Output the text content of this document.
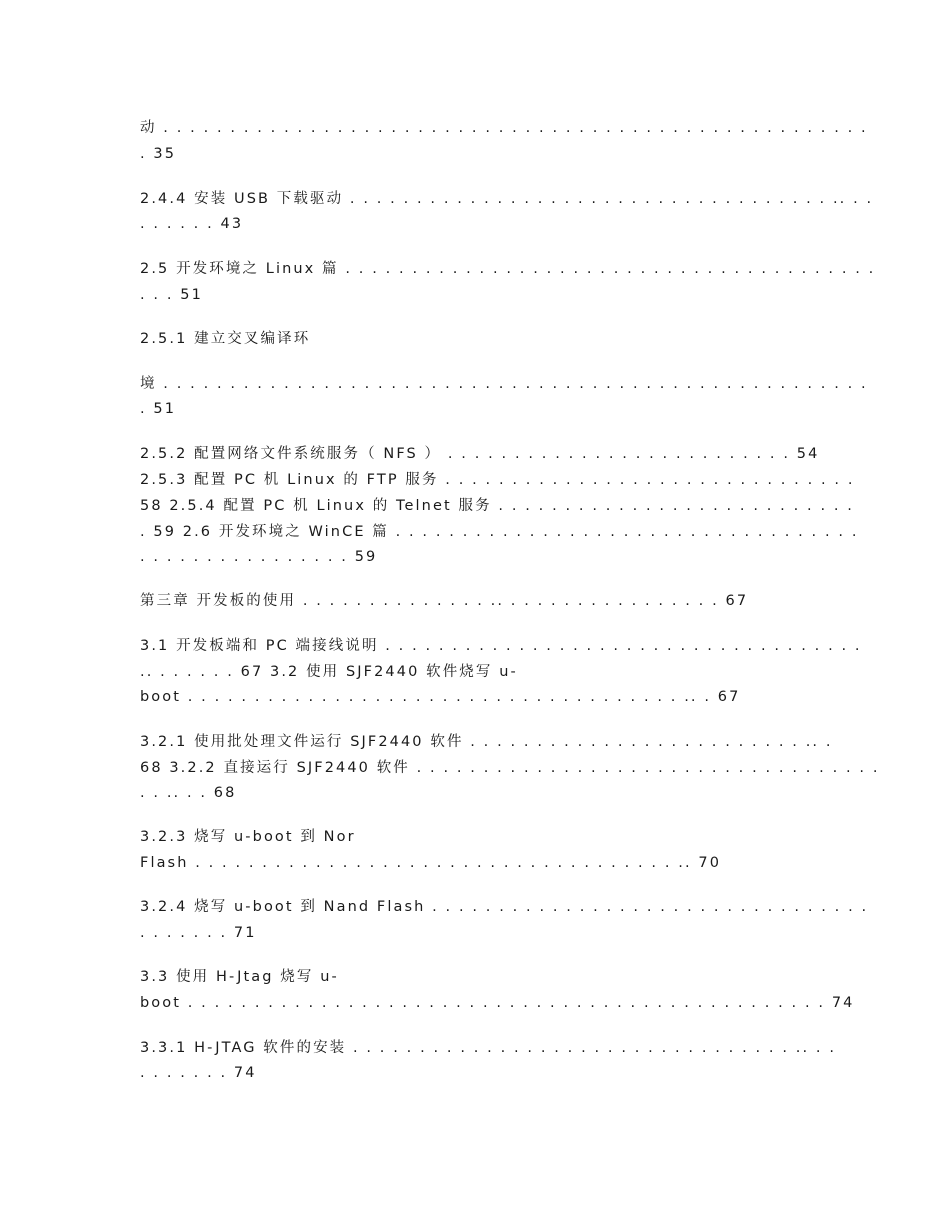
动 . . . . . . . . . . . . . . . . . . . . . . . . . . . . . . . . . . . . . . . . . . . . . . . . . . . . .
. 35
2.4.4 安装 USB 下载驱动 . . . . . . . . . . . . . . . . . . . . . . . . . . . . . . . . . . . . .. . .
. . . . . . 43
2.5 开发环境之 Linux 篇 . . . . . . . . . . . . . . . . . . . . . . . . . . . . . . . . . . . . . . . .
. . . 51
2.5.1 建立交叉编译环
境 . . . . . . . . . . . . . . . . . . . . . . . . . . . . . . . . . . . . . . . . . . . . . . . . . . . . .
. 51
2.5.2 配置网络文件系统服务（ NFS ） . . . . . . . . . . . . . . . . . . . . . . . . . . 54
2.5.3 配置 PC 机 Linux 的 FTP 服务 . . . . . . . . . . . . . . . . . . . . . . . . . . . . . . .
58 2.5.4 配置 PC 机 Linux 的 Telnet 服务 . . . . . . . . . . . . . . . . . . . . . . . . . . .
. 59 2.6 开发环境之 WinCE 篇 . . . . . . . . . . . . . . . . . . . . . . . . . . . . . . . . . . .
. . . . . . . . . . . . . . . . 59
第三章 开发板的使用 . . . . . . . . . . . . . . .. . . . . . . . . . . . . . . . . 67
3.1 开发板端和 PC 端接线说明 . . . . . . . . . . . . . . . . . . . . . . . . . . . . . . . . . . . .
.. . . . . . . 67 3.2 使用 SJF2440 软件烧写 u-
boot . . . . . . . . . . . . . . . . . . . . . . . . . . . . . . . . . . . . . .. . 67
3.2.1 使用批处理文件运行 SJF2440 软件 . . . . . . . . . . . . . . . . . . . . . . . . . .. .
68 3.2.2 直接运行 SJF2440 软件 . . . . . . . . . . . . . . . . . . . . . . . . . . . . . . . . . . .
. . .. . . 68
3.2.3 烧写 u-boot 到 Nor
Flash . . . . . . . . . . . . . . . . . . . . . . . . . . . . . . . . . . . . .. 70
3.2.4 烧写 u-boot 到 Nand Flash . . . . . . . . . . . . . . . . . . . . . . . . . . . . . . . . .
. . . . . . . 71
3.3 使用 H-Jtag 烧写 u-
boot . . . . . . . . . . . . . . . . . . . . . . . . . . . . . . . . . . . . . . . . . . . . . . . . 74
3.3.1 H-JTAG 软件的安装 . . . . . . . . . . . . . . . . . . . . . . . . . . . . . . . . . .. . .
. . . . . . . 74
